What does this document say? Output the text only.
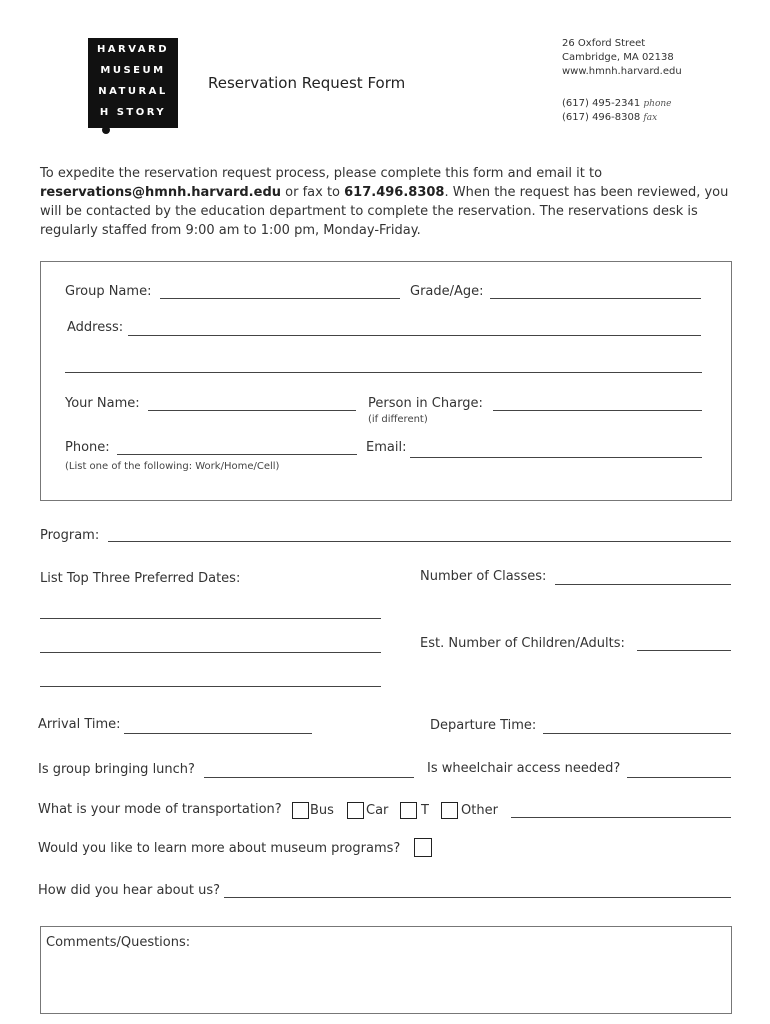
HARVARD
MUSEUM
NATURAL
H STORY
Reservation Request Form
26 Oxford Street
Cambridge, MA 02138
www.hmnh.harvard.edu
(617) 495-2341 phone
(617) 496-8308 fax
To expedite the reservation request process, please complete this form and email it to
reservations@hmnh.harvard.edu or fax to 617.496.8308. When the request has been reviewed, you will be contacted by the education department to complete the reservation. The reservations desk is regularly staffed from 9:00 am to 1:00 pm, Monday-Friday.
Group Name:	Grade/Age:
Address:
Your Name:	Person in Charge:
(if different)
Phone:	Email:
(List one of the following: Work/Home/Cell)
Program:
List Top Three Preferred Dates:	Number of Classes:
Est. Number of Children/Adults:
Arrival Time:	Departure Time:
Is group bringing lunch?	Is wheelchair access needed?
What is your mode of transportation? Bus Car	T Other
Would you like to learn more about museum programs?
How did you hear about us?
Comments/Questions:
